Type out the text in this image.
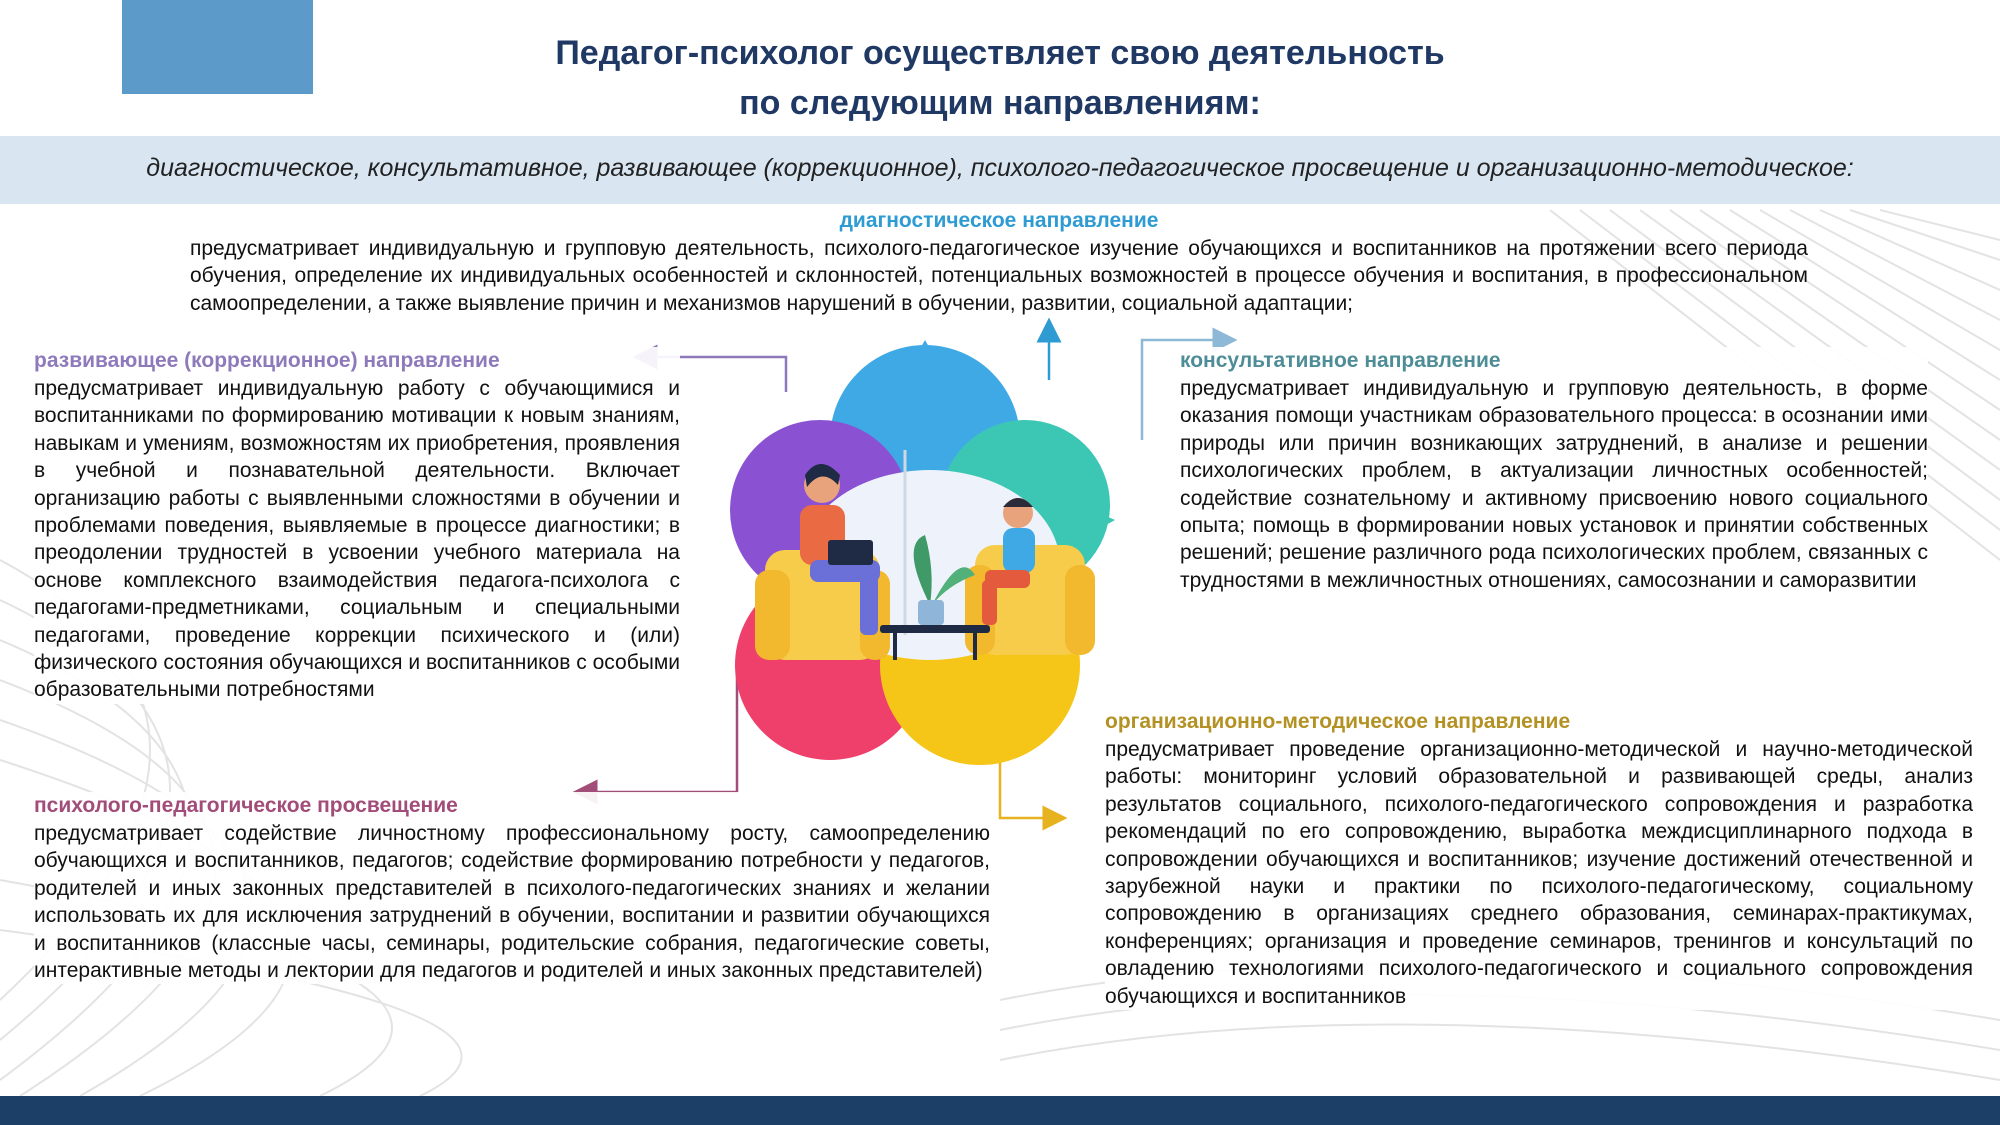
Педагог-психолог осуществляет свою деятельность
по следующим направлениям:
диагностическое, консультативное, развивающее (коррекционное), психолого-педагогическое просвещение и организационно-методическое:
диагностическое направление

предусматривает индивидуальную и групповую деятельность, психолого-педагогическое изучение обучающихся и воспитанников на протяжении всего периода обучения, определение их индивидуальных особенностей и склонностей, потенциальных возможностей в процессе обучения и воспитания, в профессиональном самоопределении, а также выявление причин и механизмов нарушений в обучении, развитии, социальной адаптации;

развивающее (коррекционное) направление

предусматривает индивидуальную работу с обучающимися и воспитанниками по формированию мотивации к новым знаниям, навыкам и умениям, возможностям их приобретения, проявления в учебной и познавательной деятельности. Включает организацию работы с выявленными сложностями в обучении и проблемами поведения, выявляемые в процессе диагностики; в преодолении трудностей в усвоении учебного материала на основе комплексного взаимодействия педагога-психолога с педагогами-предметниками, социальным и специальными педагогами, проведение коррекции психического и (или) физического состояния обучающихся и воспитанников с особыми образовательными потребностями

консультативное направление

предусматривает индивидуальную и групповую деятельность, в форме оказания помощи участникам образовательного процесса: в осознании ими природы или причин возникающих затруднений, в анализе и решении психологических проблем, в актуализации личностных особенностей; содействие сознательному и активному присвоению нового социального опыта; помощь в формировании новых установок и принятии собственных решений; решение различного рода психологических проблем, связанных с трудностями в межличностных отношениях, самосознании и саморазвитии

организационно-методическое направление

предусматривает проведение организационно-методической и научно-методической работы: мониторинг условий образовательной и развивающей среды, анализ результатов социального, психолого-педагогического сопровождения и разработка рекомендаций по его сопровождению, выработка междисциплинарного подхода в сопровождении обучающихся и воспитанников; изучение достижений отечественной и зарубежной науки и практики по психолого-педагогическому, социальному сопровождению в организациях среднего образования, семинарах-практикумах, конференциях; организация и проведение семинаров, тренингов и консультаций по овладению технологиями психолого-педагогического и социального сопровождения обучающихся и воспитанников

психолого-педагогическое просвещение

предусматривает содействие личностному профессиональному росту, самоопределению обучающихся и воспитанников, педагогов; содействие формированию потребности у педагогов, родителей и иных законных представителей в психолого-педагогических знаниях и желании использовать их для исключения затруднений в обучении, воспитании и развитии обучающихся и воспитанников (классные часы, семинары, родительские собрания, педагогические советы, интерактивные методы и лектории для педагогов и родителей и иных законных представителей)
